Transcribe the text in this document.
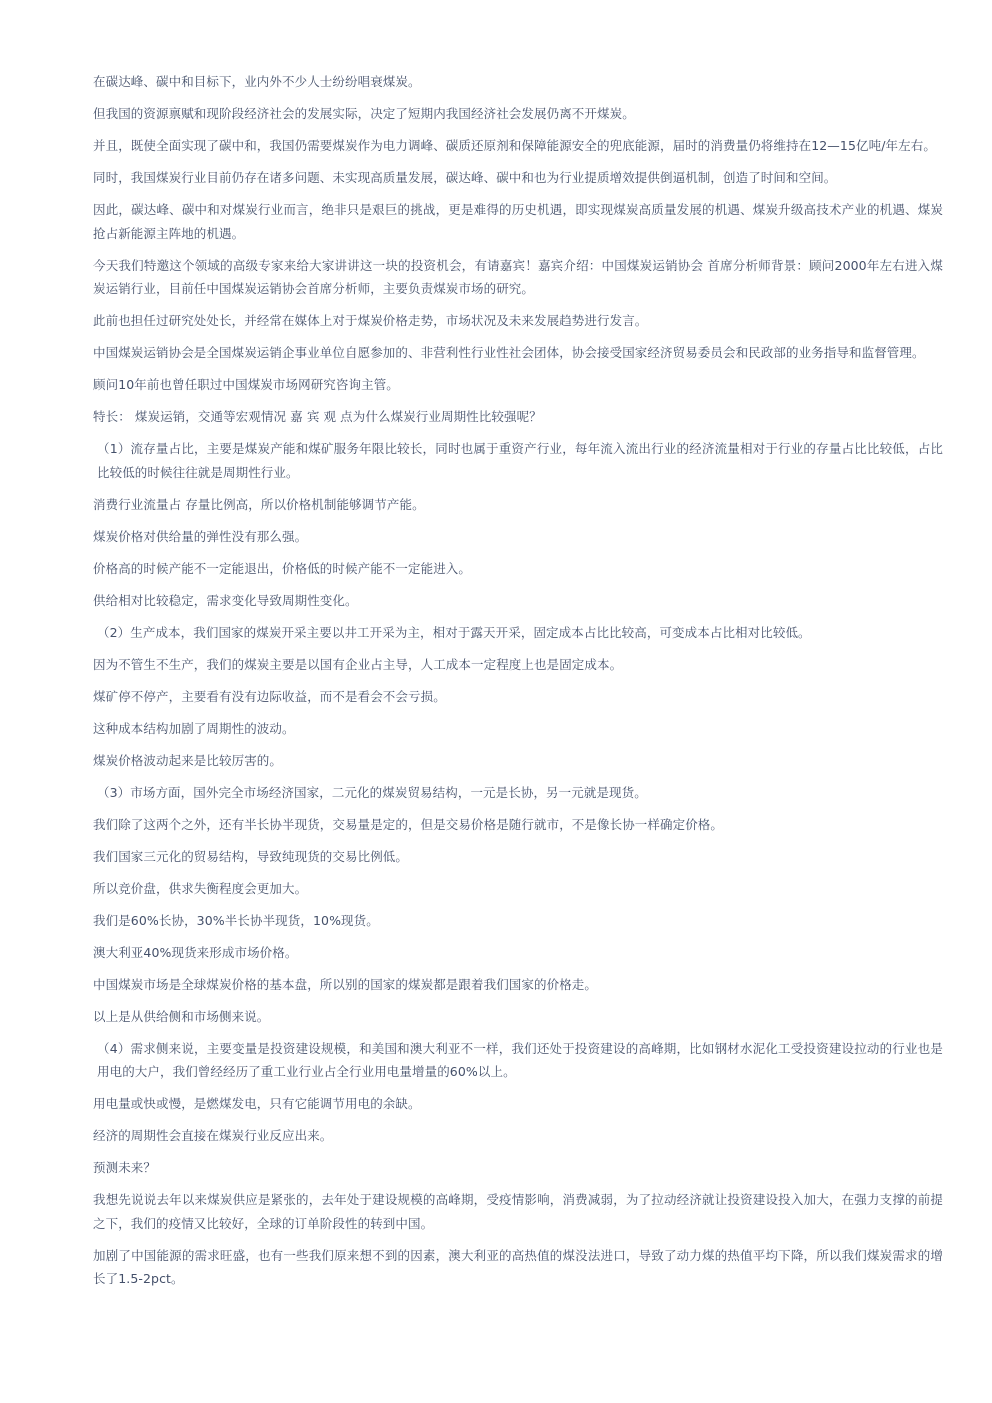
在碳达峰、碳中和目标下，业内外不少人士纷纷唱衰煤炭。

但我国的资源禀赋和现阶段经济社会的发展实际，决定了短期内我国经济社会发展仍离不开煤炭。

并且，既使全面实现了碳中和，我国仍需要煤炭作为电力调峰、碳质还原剂和保障能源安全的兜底能源，届时的消费量仍将维持在12—15亿吨/年左右。

同时，我国煤炭行业目前仍存在诸多问题、未实现高质量发展，碳达峰、碳中和也为行业提质增效提供倒逼机制，创造了时间和空间。

因此，碳达峰、碳中和对煤炭行业而言，绝非只是艰巨的挑战，更是难得的历史机遇，即实现煤炭高质量发展的机遇、煤炭升级高技术产业的机遇、煤炭抢占新能源主阵地的机遇。

今天我们特邀这个领域的高级专家来给大家讲讲这一块的投资机会，有请嘉宾！嘉宾介绍：中国煤炭运销协会 首席分析师背景：顾问2000年左右进入煤炭运销行业，目前任中国煤炭运销协会首席分析师，主要负责煤炭市场的研究。

此前也担任过研究处处长，并经常在媒体上对于煤炭价格走势，市场状况及未来发展趋势进行发言。

中国煤炭运销协会是全国煤炭运销企事业单位自愿参加的、非营利性行业性社会团体，协会接受国家经济贸易委员会和民政部的业务指导和监督管理。

顾问10年前也曾任职过中国煤炭市场网研究咨询主管。

特长： 煤炭运销，交通等宏观情况 嘉 宾 观 点为什么煤炭行业周期性比较强呢？

（1）流存量占比，主要是煤炭产能和煤矿服务年限比较长，同时也属于重资产行业，每年流入流出行业的经济流量相对于行业的存量占比比较低，占比比较低的时候往往就是周期性行业。

消费行业流量占 存量比例高，所以价格机制能够调节产能。

煤炭价格对供给量的弹性没有那么强。

价格高的时候产能不一定能退出，价格低的时候产能不一定能进入。

供给相对比较稳定，需求变化导致周期性变化。

（2）生产成本，我们国家的煤炭开采主要以井工开采为主，相对于露天开采，固定成本占比比较高，可变成本占比相对比较低。

因为不管生不生产，我们的煤炭主要是以国有企业占主导，人工成本一定程度上也是固定成本。

煤矿停不停产，主要看有没有边际收益，而不是看会不会亏损。

这种成本结构加剧了周期性的波动。

煤炭价格波动起来是比较厉害的。

（3）市场方面，国外完全市场经济国家，二元化的煤炭贸易结构，一元是长协，另一元就是现货。

我们除了这两个之外，还有半长协半现货，交易量是定的，但是交易价格是随行就市，不是像长协一样确定价格。

我们国家三元化的贸易结构，导致纯现货的交易比例低。

所以竞价盘，供求失衡程度会更加大。

我们是60%长协，30%半长协半现货，10%现货。

澳大利亚40%现货来形成市场价格。

中国煤炭市场是全球煤炭价格的基本盘，所以别的国家的煤炭都是跟着我们国家的价格走。

以上是从供给侧和市场侧来说。

（4）需求侧来说，主要变量是投资建设规模，和美国和澳大利亚不一样，我们还处于投资建设的高峰期，比如钢材水泥化工受投资建设拉动的行业也是用电的大户，我们曾经经历了重工业行业占全行业用电量增量的60%以上。

用电量或快或慢，是燃煤发电，只有它能调节用电的余缺。

经济的周期性会直接在煤炭行业反应出来。

预测未来？

我想先说说去年以来煤炭供应是紧张的，去年处于建设规模的高峰期，受疫情影响，消费减弱，为了拉动经济就让投资建设投入加大，在强力支撑的前提之下，我们的疫情又比较好，全球的订单阶段性的转到中国。

加剧了中国能源的需求旺盛，也有一些我们原来想不到的因素，澳大利亚的高热值的煤没法进口，导致了动力煤的热值平均下降，所以我们煤炭需求的增长了1.5-2pct。
